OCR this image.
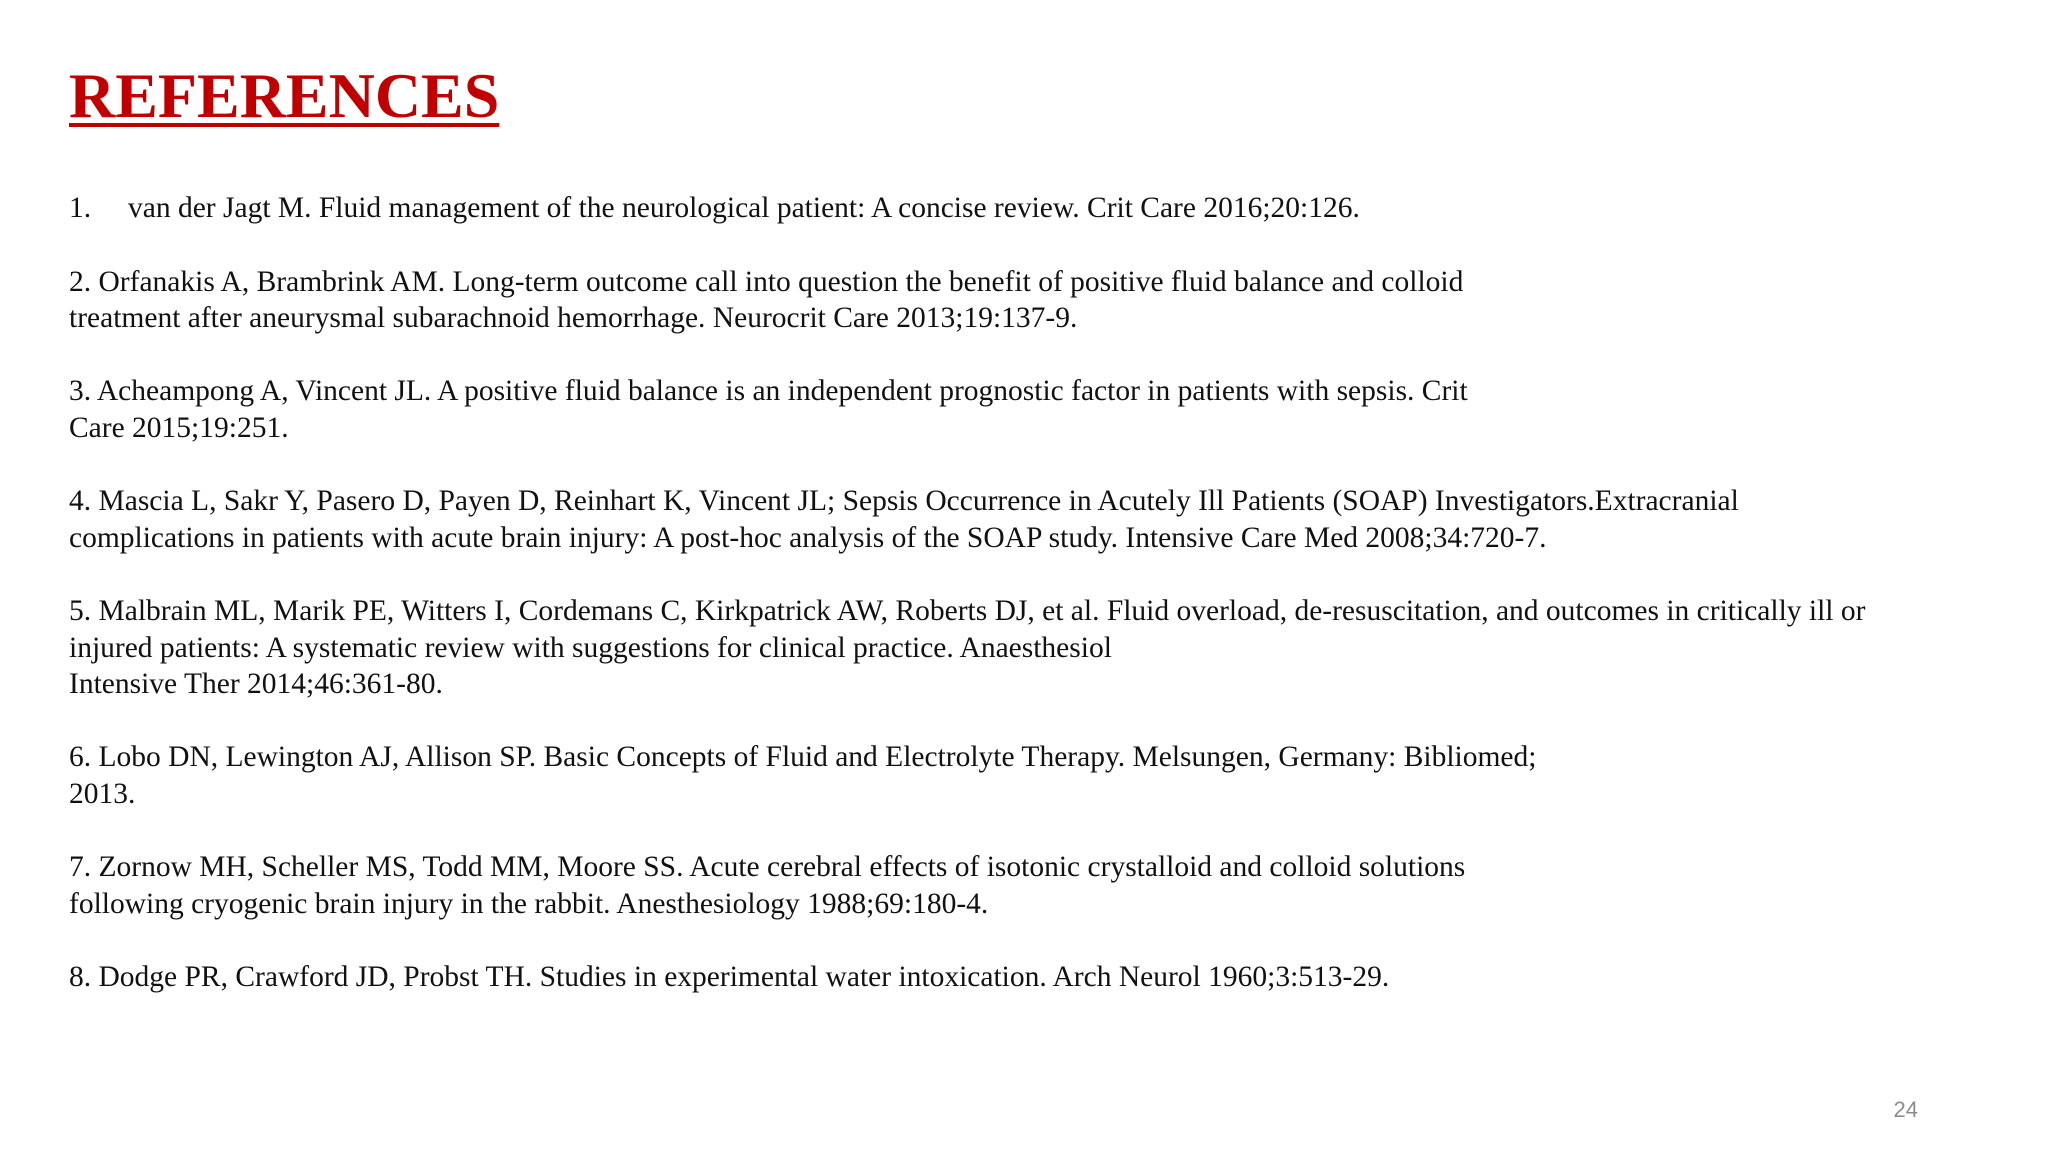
REFERENCES
1. van der Jagt M. Fluid management of the neurological patient: A concise review. Crit Care 2016;20:126.
2. Orfanakis A, Brambrink AM. Long-term outcome call into question the benefit of positive fluid balance and colloid
treatment after aneurysmal subarachnoid hemorrhage. Neurocrit Care 2013;19:137-9.
3. Acheampong A, Vincent JL. A positive fluid balance is an independent prognostic factor in patients with sepsis. Crit
Care 2015;19:251.
4. Mascia L, Sakr Y, Pasero D, Payen D, Reinhart K, Vincent JL; Sepsis Occurrence in Acutely Ill Patients (SOAP) Investigators.Extracranial
complications in patients with acute brain injury: A post-hoc analysis of the SOAP study. Intensive Care Med 2008;34:720-7.
5. Malbrain ML, Marik PE, Witters I, Cordemans C, Kirkpatrick AW, Roberts DJ, et al. Fluid overload, de-resuscitation, and outcomes in critically ill or
injured patients: A systematic review with suggestions for clinical practice. Anaesthesiol
Intensive Ther 2014;46:361-80.
6. Lobo DN, Lewington AJ, Allison SP. Basic Concepts of Fluid and Electrolyte Therapy. Melsungen, Germany: Bibliomed;
2013.
7. Zornow MH, Scheller MS, Todd MM, Moore SS. Acute cerebral effects of isotonic crystalloid and colloid solutions
following cryogenic brain injury in the rabbit. Anesthesiology 1988;69:180-4.
8. Dodge PR, Crawford JD, Probst TH. Studies in experimental water intoxication. Arch Neurol 1960;3:513-29.
24
